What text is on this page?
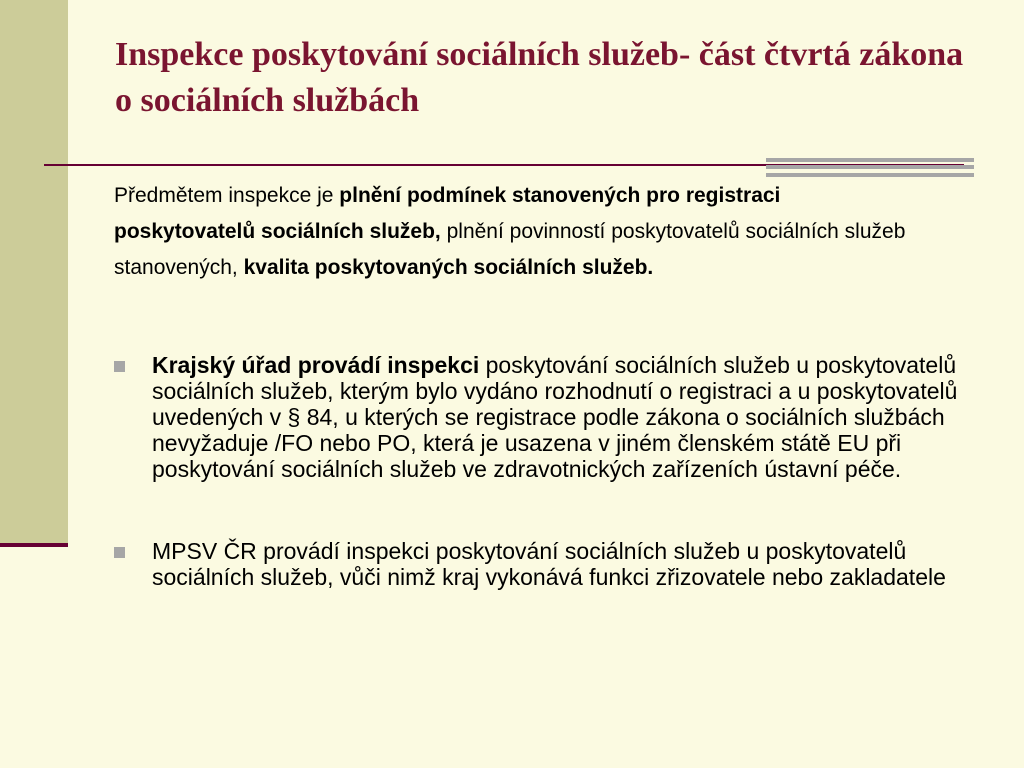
Inspekce poskytování sociálních služeb- část čtvrtá zákona o sociálních službách

Předmětem inspekce je plnění podmínek stanovených pro registraci poskytovatelů sociálních služeb, plnění povinností poskytovatelů sociálních služeb stanovených, kvalita poskytovaných sociálních služeb.

Krajský úřad provádí inspekci poskytování sociálních služeb u poskytovatelů sociálních služeb, kterým bylo vydáno rozhodnutí o registraci a u poskytovatelů uvedených v § 84, u kterých se registrace podle zákona o sociálních službách nevyžaduje /FO nebo PO, která je usazena v jiném členském státě EU při poskytování sociálních služeb ve zdravotnických zařízeních ústavní péče.
MPSV ČR provádí inspekci poskytování sociálních služeb u poskytovatelů sociálních služeb, vůči nimž kraj vykonává funkci zřizovatele nebo zakladatele
